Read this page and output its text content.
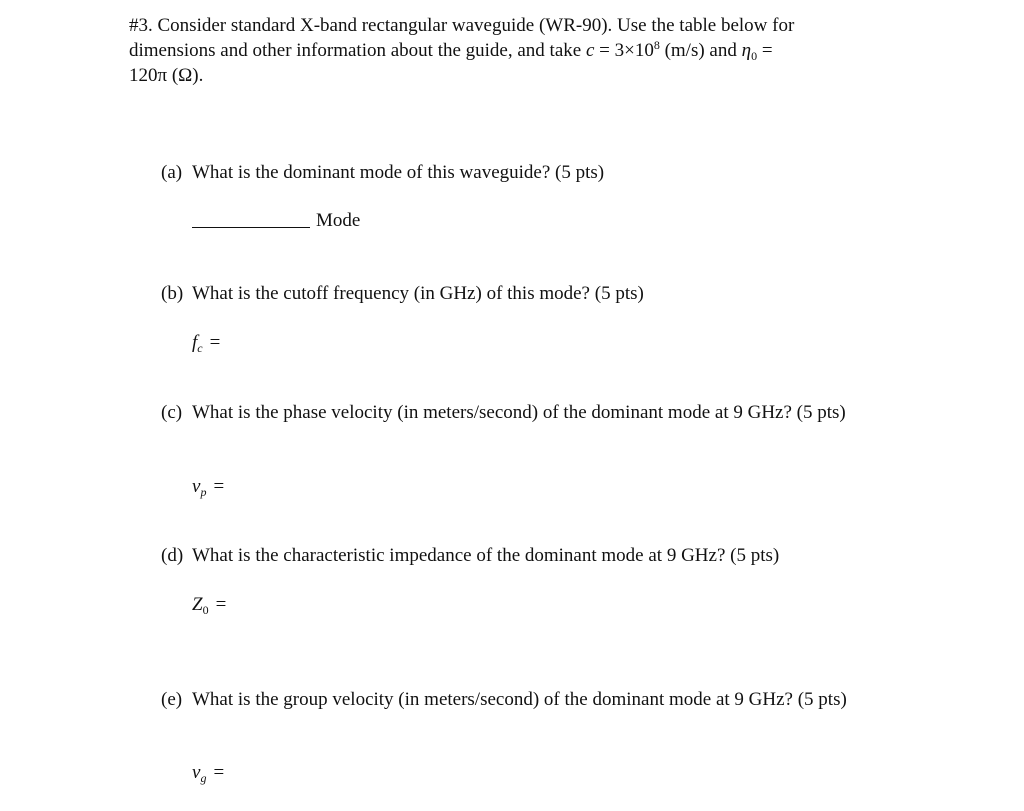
#3. Consider standard X-band rectangular waveguide (WR-90). Use the table below for
dimensions and other information about the guide, and take $c = 3\times 10^8$ (m/s) and $\eta_0$ =
120π (Ω).
(a) What is the dominant mode of this waveguide? (5 pts)
Mode
(b) What is the cutoff frequency (in GHz) of this mode? (5 pts)
$f_c$ =
(c) What is the phase velocity (in meters/second) of the dominant mode at 9 GHz? (5 pts)
$v_p$ =
(d) What is the characteristic impedance of the dominant mode at 9 GHz? (5 pts)
$Z_0$ =
(e) What is the group velocity (in meters/second) of the dominant mode at 9 GHz? (5 pts)
$v_g$ =
